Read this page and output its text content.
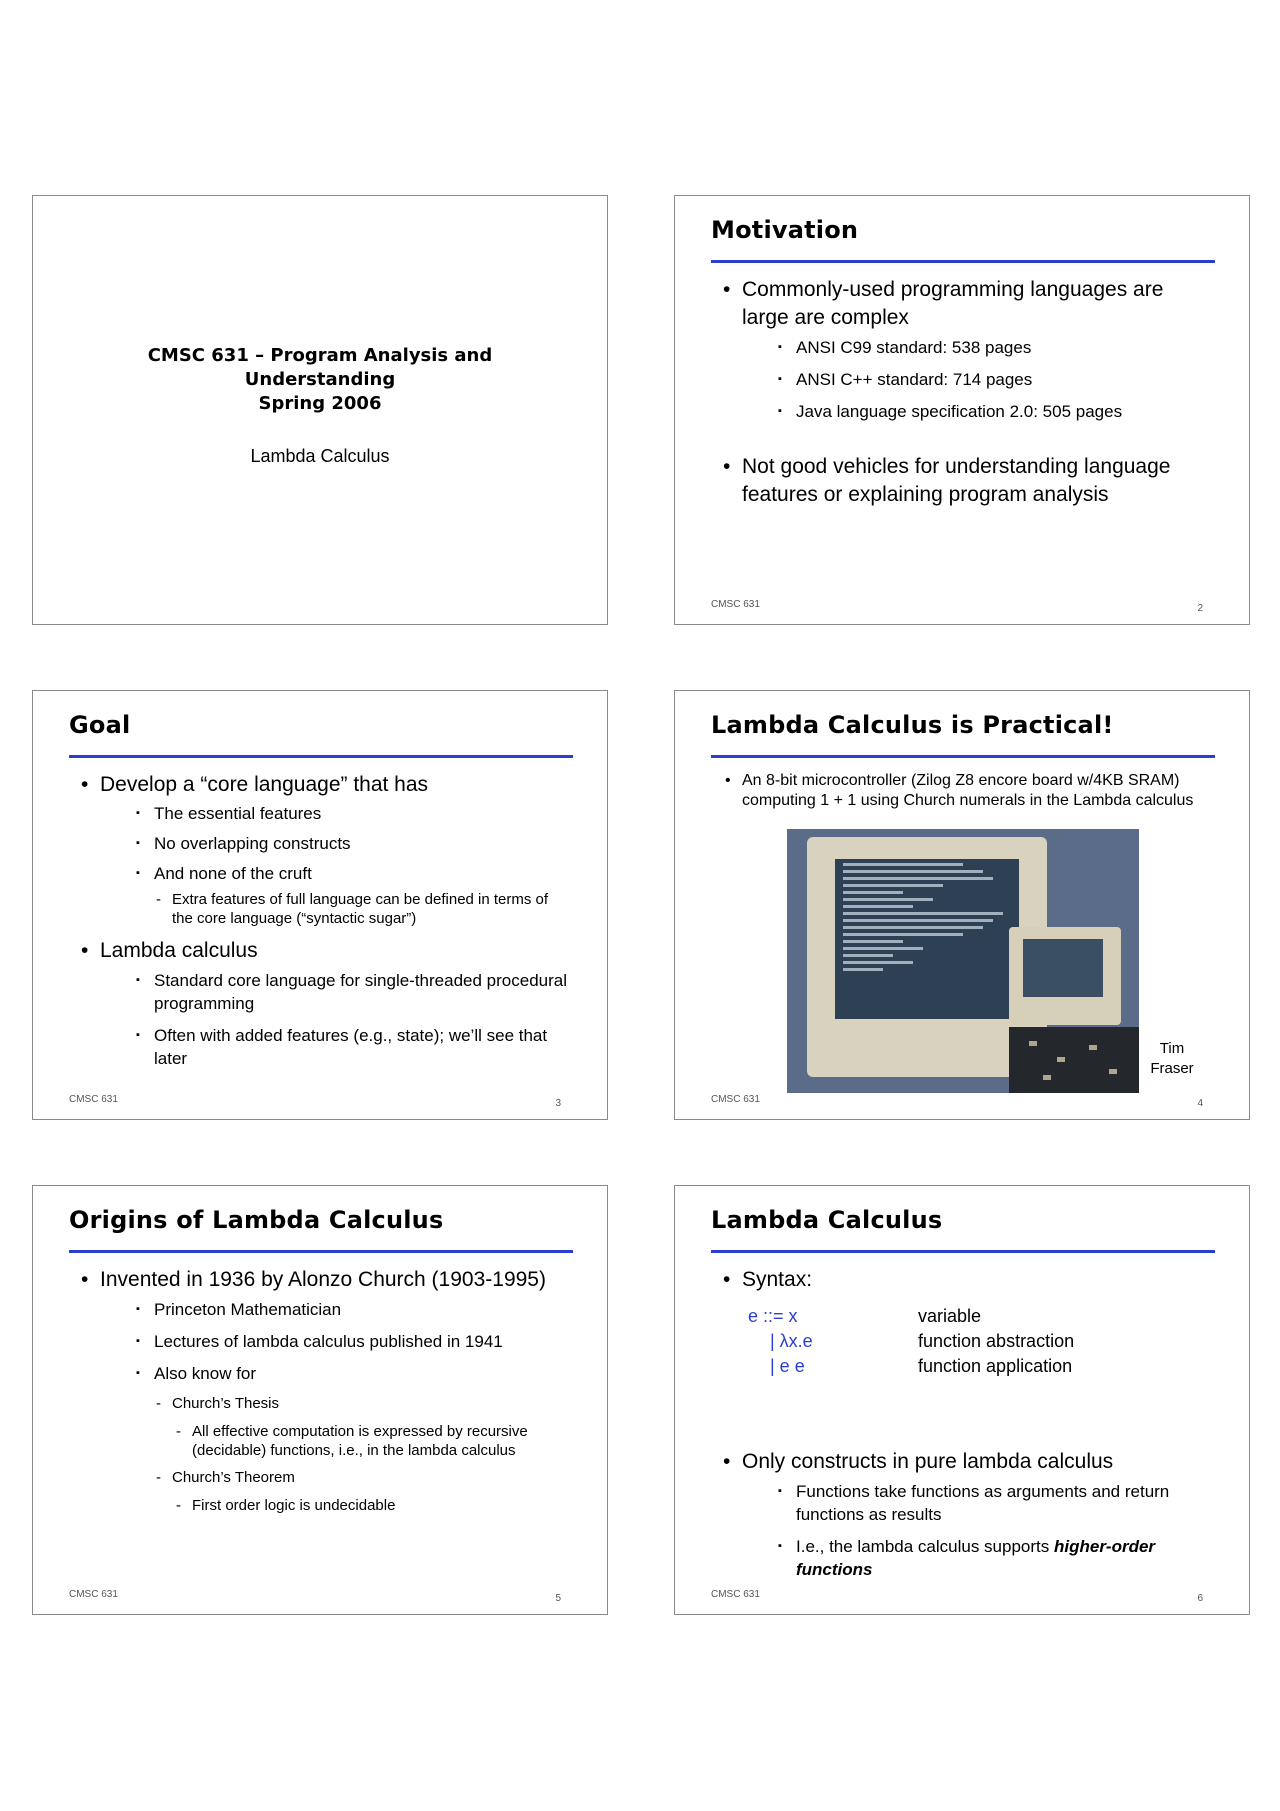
CMSC 631 – Program Analysis and
Understanding
Spring 2006
Lambda Calculus
Motivation
• Commonly-used programming languages are large are complex
▪ ANSI C99 standard: 538 pages
▪ ANSI C++ standard: 714 pages
▪ Java language specification 2.0: 505 pages
• Not good vehicles for understanding language features or explaining program analysis
CMSC 631	2
Goal
• Develop a “core language” that has
▪ The essential features
▪ No overlapping constructs
▪ And none of the cruft
- Extra features of full language can be defined in terms of the core language (“syntactic sugar”)
• Lambda calculus
▪ Standard core language for single-threaded procedural programming
▪ Often with added features (e.g., state); we’ll see that later
CMSC 631	3
Lambda Calculus is Practical!
• An 8-bit microcontroller (Zilog Z8 encore board w/4KB SRAM) computing 1 + 1 using Church numerals in the Lambda calculus
Tim Fraser
CMSC 631	4
Origins of Lambda Calculus
• Invented in 1936 by Alonzo Church (1903-1995)
▪ Princeton Mathematician
▪ Lectures of lambda calculus published in 1941
▪ Also know for
- Church’s Thesis
- All effective computation is expressed by recursive (decidable) functions, i.e., in the lambda calculus
- Church’s Theorem
- First order logic is undecidable
CMSC 631	5
Lambda Calculus
• Syntax:
e ::= x	variable
| λx.e	function abstraction
| e e	function application
• Only constructs in pure lambda calculus
▪ Functions take functions as arguments and return functions as results
▪ I.e., the lambda calculus supports higher-order functions
CMSC 631	6
